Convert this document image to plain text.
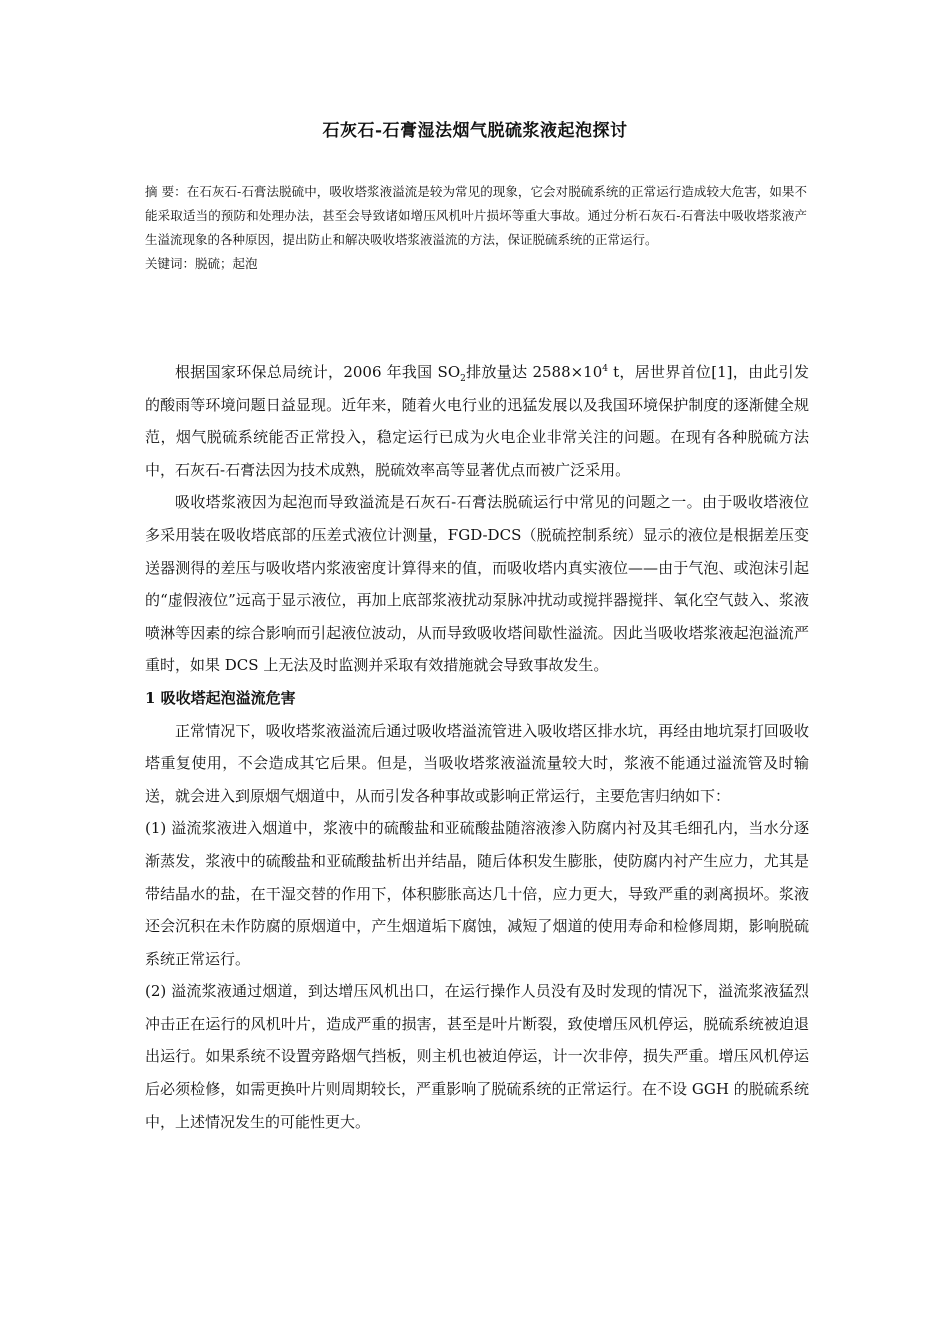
石灰石-石膏湿法烟气脱硫浆液起泡探讨

摘 要：在石灰石-石膏法脱硫中，吸收塔浆液溢流是较为常见的现象，它会对脱硫系统的正常运行造成较大危害，如果不能采取适当的预防和处理办法，甚至会导致诸如增压风机叶片损坏等重大事故。通过分析石灰石-石膏法中吸收塔浆液产生溢流现象的各种原因，提出防止和解决吸收塔浆液溢流的方法，保证脱硫系统的正常运行。

关键词：脱硫；起泡

根据国家环保总局统计，2006 年我国 $SO_2$排放量达 $2588\times 10^4$ t，居世界首位[1]，由此引发的酸雨等环境问题日益显现。近年来，随着火电行业的迅猛发展以及我国环境保护制度的逐渐健全规范，烟气脱硫系统能否正常投入，稳定运行已成为火电企业非常关注的问题。在现有各种脱硫方法中，石灰石-石膏法因为技术成熟，脱硫效率高等显著优点而被广泛采用。

吸收塔浆液因为起泡而导致溢流是石灰石-石膏法脱硫运行中常见的问题之一。由于吸收塔液位多采用装在吸收塔底部的压差式液位计测量，FGD-DCS（脱硫控制系统）显示的液位是根据差压变送器测得的差压与吸收塔内浆液密度计算得来的值，而吸收塔内真实液位——由于气泡、或泡沫引起的“虚假液位”远高于显示液位，再加上底部浆液扰动泵脉冲扰动或搅拌器搅拌、氧化空气鼓入、浆液喷淋等因素的综合影响而引起液位波动，从而导致吸收塔间歇性溢流。因此当吸收塔浆液起泡溢流严重时，如果 DCS 上无法及时监测并采取有效措施就会导致事故发生。

1 吸收塔起泡溢流危害

正常情况下，吸收塔浆液溢流后通过吸收塔溢流管进入吸收塔区排水坑，再经由地坑泵打回吸收塔重复使用，不会造成其它后果。但是，当吸收塔浆液溢流量较大时，浆液不能通过溢流管及时输送，就会进入到原烟气烟道中，从而引发各种事故或影响正常运行，主要危害归纳如下：

(1) 溢流浆液进入烟道中，浆液中的硫酸盐和亚硫酸盐随溶液渗入防腐内衬及其毛细孔内，当水分逐渐蒸发，浆液中的硫酸盐和亚硫酸盐析出并结晶，随后体积发生膨胀，使防腐内衬产生应力，尤其是带结晶水的盐，在干湿交替的作用下，体积膨胀高达几十倍，应力更大，导致严重的剥离损坏。浆液还会沉积在未作防腐的原烟道中，产生烟道垢下腐蚀，减短了烟道的使用寿命和检修周期，影响脱硫系统正常运行。

(2) 溢流浆液通过烟道，到达增压风机出口，在运行操作人员没有及时发现的情况下，溢流浆液猛烈冲击正在运行的风机叶片，造成严重的损害，甚至是叶片断裂，致使增压风机停运，脱硫系统被迫退出运行。如果系统不设置旁路烟气挡板，则主机也被迫停运，计一次非停，损失严重。增压风机停运后必须检修，如需更换叶片则周期较长，严重影响了脱硫系统的正常运行。在不设 GGH 的脱硫系统中，上述情况发生的可能性更大。
